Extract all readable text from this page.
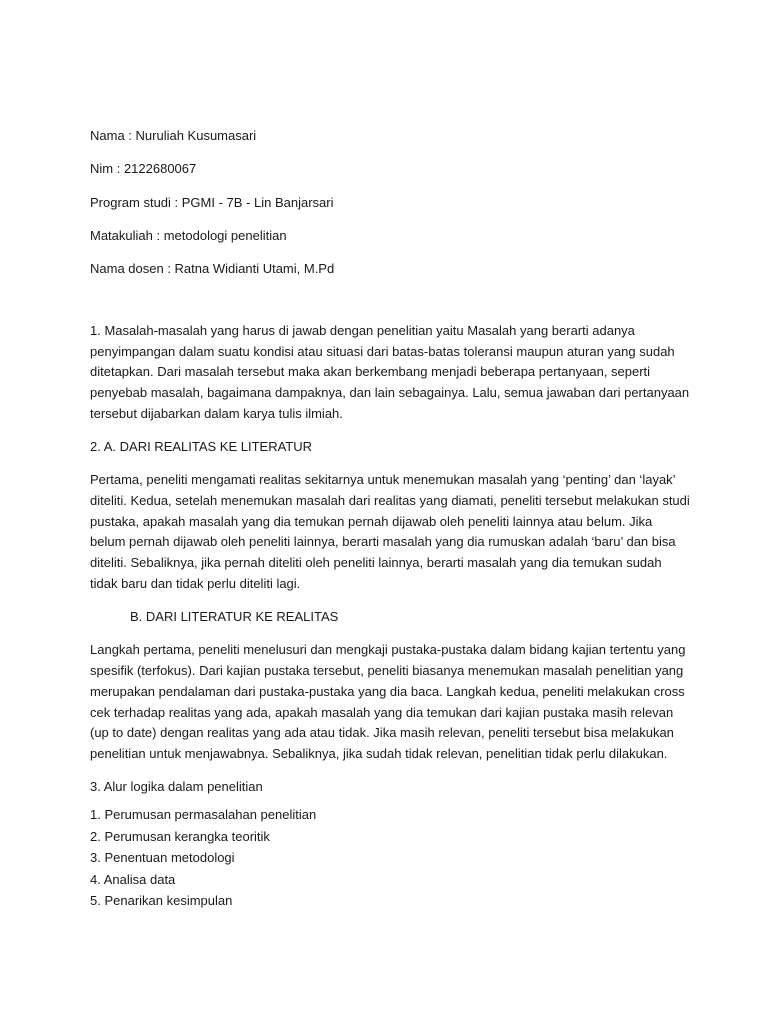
Nama : Nuruliah Kusumasari

Nim : 2122680067

Program studi : PGMI - 7B - Lin Banjarsari

Matakuliah : metodologi penelitian

Nama dosen : Ratna Widianti Utami, M.Pd

1. Masalah-masalah yang harus di jawab dengan penelitian yaitu Masalah yang berarti adanya penyimpangan dalam suatu kondisi atau situasi dari batas-batas toleransi maupun aturan yang sudah ditetapkan. Dari masalah tersebut maka akan berkembang menjadi beberapa pertanyaan, seperti penyebab masalah, bagaimana dampaknya, dan lain sebagainya. Lalu, semua jawaban dari pertanyaan tersebut dijabarkan dalam karya tulis ilmiah.

2. A. DARI REALITAS KE LITERATUR

Pertama, peneliti mengamati realitas sekitarnya untuk menemukan masalah yang ‘penting’ dan ‘layak’ diteliti. Kedua, setelah menemukan masalah dari realitas yang diamati, peneliti tersebut melakukan studi pustaka, apakah masalah yang dia temukan pernah dijawab oleh peneliti lainnya atau belum. Jika belum pernah dijawab oleh peneliti lainnya, berarti masalah yang dia rumuskan adalah ‘baru’ dan bisa diteliti. Sebaliknya, jika pernah diteliti oleh peneliti lainnya, berarti masalah yang dia temukan sudah tidak baru dan tidak perlu diteliti lagi.

B. DARI LITERATUR KE REALITAS

Langkah pertama, peneliti menelusuri dan mengkaji pustaka-pustaka dalam bidang kajian tertentu yang spesifik (terfokus). Dari kajian pustaka tersebut, peneliti biasanya menemukan masalah penelitian yang merupakan pendalaman dari pustaka-pustaka yang dia baca. Langkah kedua, peneliti melakukan cross cek terhadap realitas yang ada, apakah masalah yang dia temukan dari kajian pustaka masih relevan (up to date) dengan realitas yang ada atau tidak. Jika masih relevan, peneliti tersebut bisa melakukan penelitian untuk menjawabnya. Sebaliknya, jika sudah tidak relevan, penelitian tidak perlu dilakukan.

3. Alur logika dalam penelitian

1. Perumusan permasalahan penelitian
2. Perumusan kerangka teoritik
3. Penentuan metodologi
4. Analisa data
5. Penarikan kesimpulan
